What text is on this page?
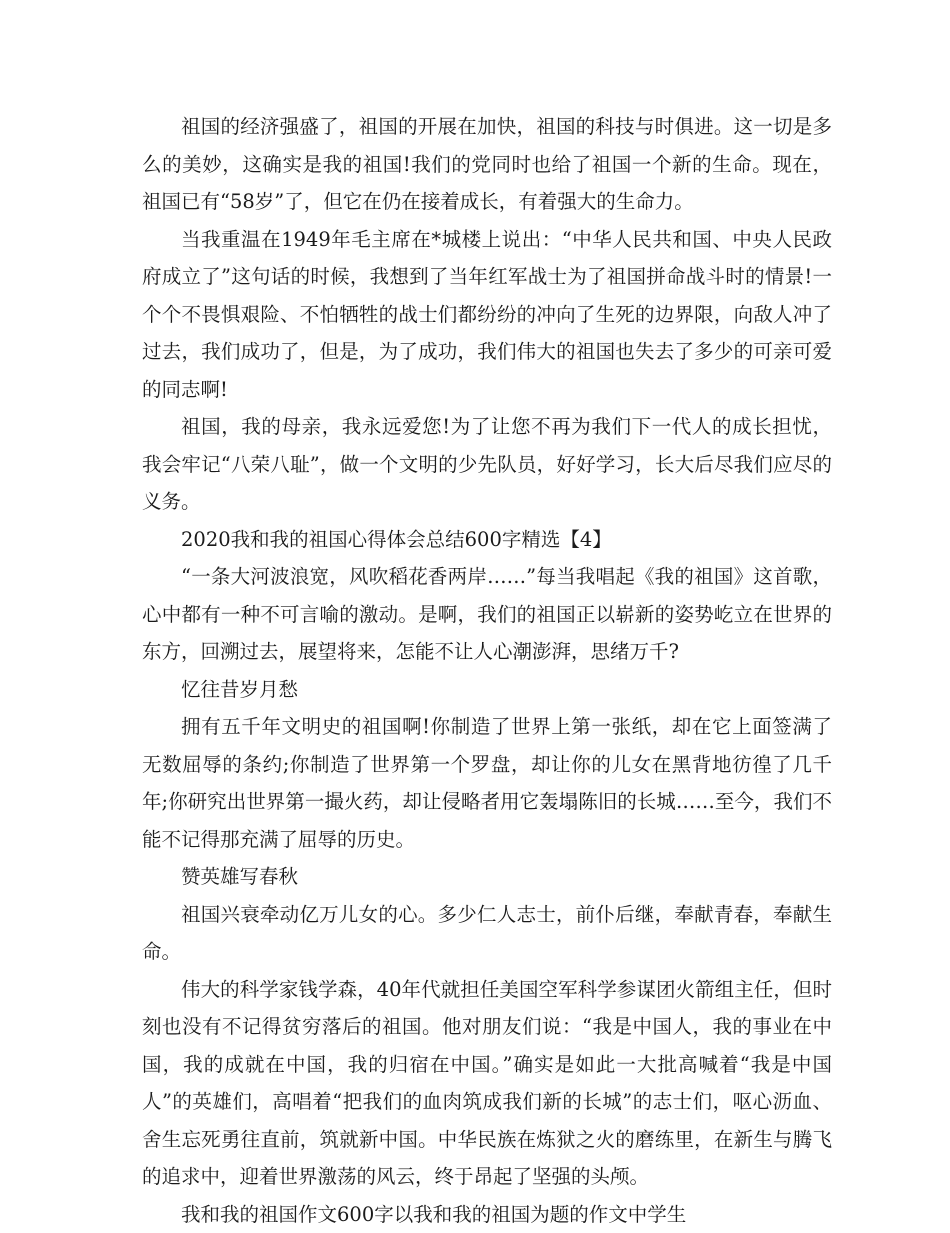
祖国的经济强盛了，祖国的开展在加快，祖国的科技与时俱进。这一切是多么的美妙，这确实是我的祖国!我们的党同时也给了祖国一个新的生命。现在，祖国已有“58岁”了，但它在仍在接着成长，有着强大的生命力。

当我重温在1949年毛主席在*城楼上说出：“中华人民共和国、中央人民政府成立了”这句话的时候，我想到了当年红军战士为了祖国拼命战斗时的情景!一个个不畏惧艰险、不怕牺牲的战士们都纷纷的冲向了生死的边界限，向敌人冲了过去，我们成功了，但是，为了成功，我们伟大的祖国也失去了多少的可亲可爱的同志啊!

祖国，我的母亲，我永远爱您!为了让您不再为我们下一代人的成长担忧，我会牢记“八荣八耻”，做一个文明的少先队员，好好学习，长大后尽我们应尽的义务。

2020我和我的祖国心得体会总结600字精选【4】

“一条大河波浪宽，风吹稻花香两岸……”每当我唱起《我的祖国》这首歌，心中都有一种不可言喻的激动。是啊，我们的祖国正以崭新的姿势屹立在世界的东方，回溯过去，展望将来，怎能不让人心潮澎湃，思绪万千?

忆往昔岁月愁

拥有五千年文明史的祖国啊!你制造了世界上第一张纸，却在它上面签满了无数屈辱的条约;你制造了世界第一个罗盘，却让你的儿女在黑背地彷徨了几千年;你研究出世界第一撮火药，却让侵略者用它轰塌陈旧的长城……至今，我们不能不记得那充满了屈辱的历史。

赞英雄写春秋

祖国兴衰牵动亿万儿女的心。多少仁人志士，前仆后继，奉献青春，奉献生命。

伟大的科学家钱学森，40年代就担任美国空军科学参谋团火箭组主任，但时刻也没有不记得贫穷落后的祖国。他对朋友们说：“我是中国人，我的事业在中国，我的成就在中国，我的归宿在中国。”确实是如此一大批高喊着“我是中国人”的英雄们，高唱着“把我们的血肉筑成我们新的长城”的志士们，呕心沥血、舍生忘死勇往直前，筑就新中国。中华民族在炼狱之火的磨练里，在新生与腾飞的追求中，迎着世界激荡的风云，终于昂起了坚强的头颅。

我和我的祖国作文600字以我和我的祖国为题的作文中学生
